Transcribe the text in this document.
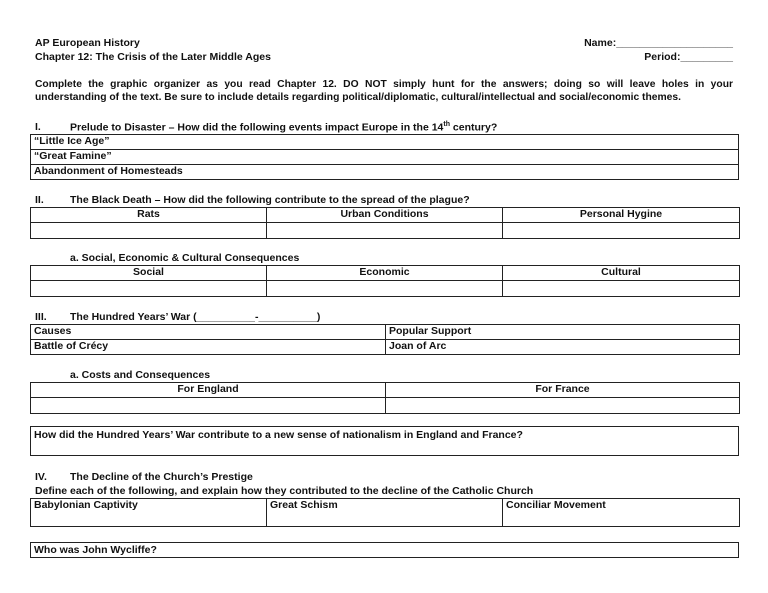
AP European History
Chapter 12: The Crisis of the Later Middle Ages
Name:____________________
Period:_________
Complete the graphic organizer as you read Chapter 12. DO NOT simply hunt for the answers; doing so will leave holes in your
understanding of the text. Be sure to include details regarding political/diplomatic, cultural/intellectual and social/economic themes.
I.	Prelude to Disaster – How did the following events impact Europe in the 14th century?
“Little Ice Age”
“Great Famine”
Abandonment of Homesteads
II. The Black Death – How did the following contribute to the spread of the plague?
Rats	Urban Conditions	Personal Hygine

a. Social, Economic & Cultural Consequences
Social	Economic	Cultural

III. The Hundred Years’ War (__________-__________)
Causes	Popular Support
Battle of Crécy	Joan of Arc
a. Costs and Consequences
For England	For France

How did the Hundred Years’ War contribute to a new sense of nationalism in England and France?
IV. The Decline of the Church’s Prestige
Define each of the following, and explain how they contributed to the decline of the Catholic Church
Babylonian Captivity	Great Schism	Conciliar Movement
Who was John Wycliffe?
